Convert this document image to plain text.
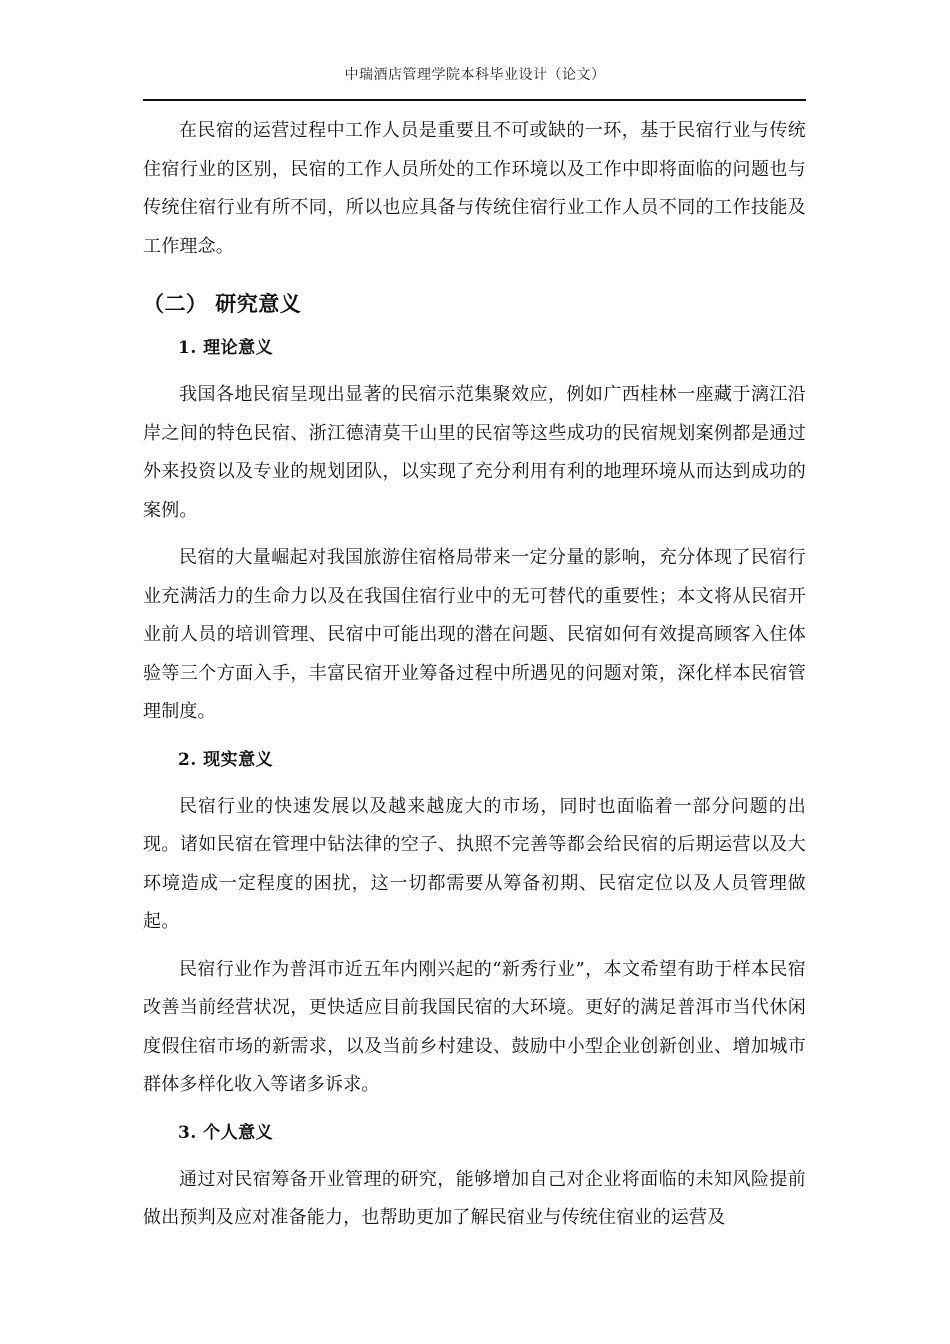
中瑞酒店管理学院本科毕业设计（论文）

在民宿的运营过程中工作人员是重要且不可或缺的一环，基于民宿行业与传统住宿行业的区别，民宿的工作人员所处的工作环境以及工作中即将面临的问题也与传统住宿行业有所不同，所以也应具备与传统住宿行业工作人员不同的工作技能及工作理念。

（二） 研究意义
1. 理论意义

我国各地民宿呈现出显著的民宿示范集聚效应，例如广西桂林一座藏于漓江沿岸之间的特色民宿、浙江德清莫干山里的民宿等这些成功的民宿规划案例都是通过外来投资以及专业的规划团队，以实现了充分利用有利的地理环境从而达到成功的案例。

民宿的大量崛起对我国旅游住宿格局带来一定分量的影响，充分体现了民宿行业充满活力的生命力以及在我国住宿行业中的无可替代的重要性；本文将从民宿开业前人员的培训管理、民宿中可能出现的潜在问题、民宿如何有效提高顾客入住体验等三个方面入手，丰富民宿开业筹备过程中所遇见的问题对策，深化样本民宿管理制度。

2. 现实意义

民宿行业的快速发展以及越来越庞大的市场，同时也面临着一部分问题的出现。诸如民宿在管理中钻法律的空子、执照不完善等都会给民宿的后期运营以及大环境造成一定程度的困扰，这一切都需要从筹备初期、民宿定位以及人员管理做起。

民宿行业作为普洱市近五年内刚兴起的“新秀行业”，本文希望有助于样本民宿改善当前经营状况，更快适应目前我国民宿的大环境。更好的满足普洱市当代休闲度假住宿市场的新需求，以及当前乡村建设、鼓励中小型企业创新创业、增加城市群体多样化收入等诸多诉求。

3. 个人意义

通过对民宿筹备开业管理的研究，能够增加自己对企业将面临的未知风险提前做出预判及应对准备能力，也帮助更加了解民宿业与传统住宿业的运营及
